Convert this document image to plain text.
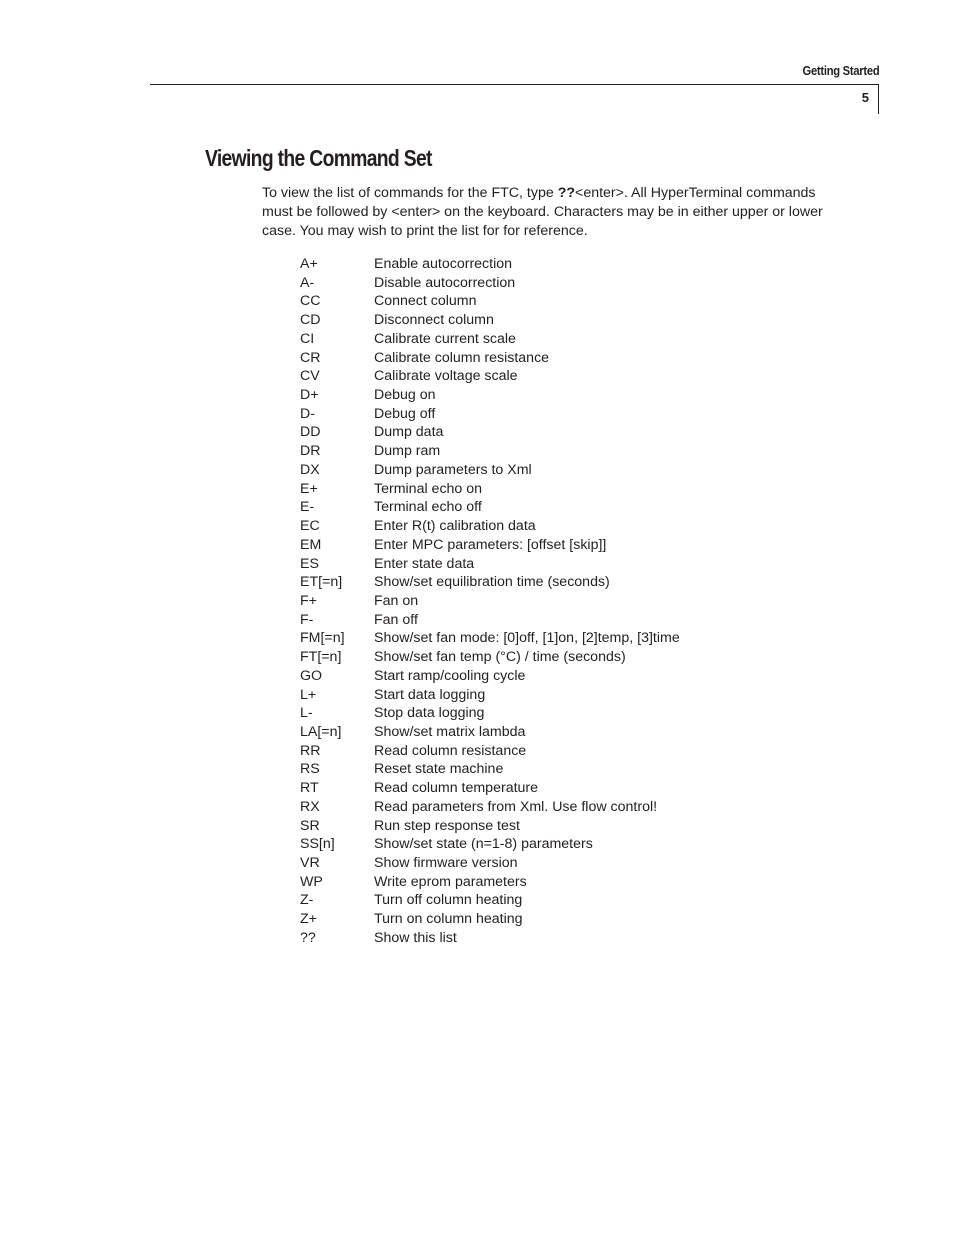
Getting Started
5
Viewing the Command Set

To view the list of commands for the FTC, type ??<enter>. All HyperTerminal commands must be followed by <enter> on the keyboard. Characters may be in either upper or lower case. You may wish to print the list for for reference.

A+	Enable autocorrection
A-	Disable autocorrection
CC	Connect column
CD	Disconnect column
CI	Calibrate current scale
CR	Calibrate column resistance
CV	Calibrate voltage scale
D+	Debug on
D-	Debug off
DD	Dump data
DR	Dump ram
DX	Dump parameters to Xml
E+	Terminal echo on
E-	Terminal echo off
EC	Enter R(t) calibration data
EM	Enter MPC parameters: [offset [skip]]
ES	Enter state data
ET[=n]	Show/set equilibration time (seconds)
F+	Fan on
F-	Fan off
FM[=n]	Show/set fan mode: [0]off, [1]on, [2]temp, [3]time
FT[=n]	Show/set fan temp (°C) / time (seconds)
GO	Start ramp/cooling cycle
L+	Start data logging
L-	Stop data logging
LA[=n]	Show/set matrix lambda
RR	Read column resistance
RS	Reset state machine
RT	Read column temperature
RX	Read parameters from Xml. Use flow control!
SR	Run step response test
SS[n]	Show/set state (n=1-8) parameters
VR	Show firmware version
WP	Write eprom parameters
Z-	Turn off column heating
Z+	Turn on column heating
??	Show this list
